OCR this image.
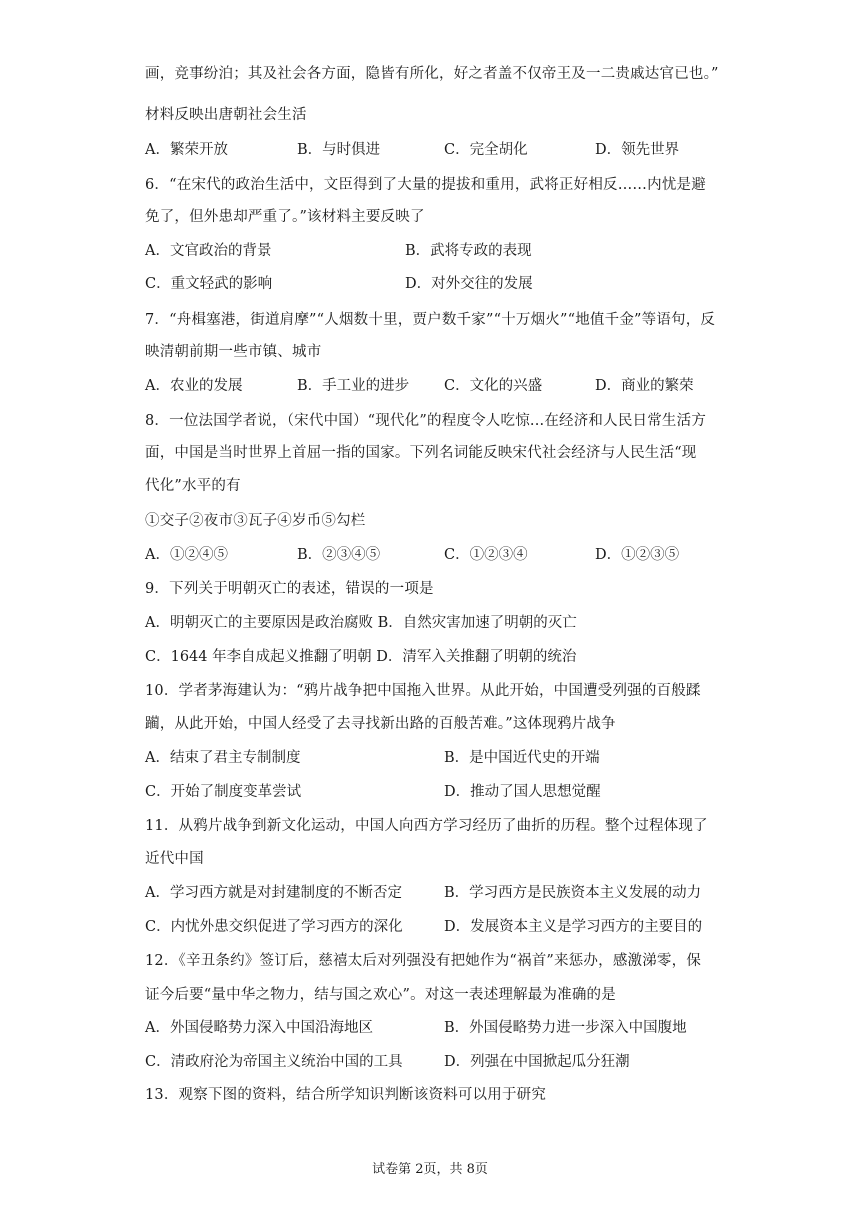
画，竞事纷泊；其及社会各方面，隐皆有所化，好之者盖不仅帝王及一二贵戚达官已也。”
材料反映出唐朝社会生活
A．繁荣开放	B．与时俱进	C．完全胡化	D．领先世界
6．“在宋代的政治生活中，文臣得到了大量的提拔和重用，武将正好相反……内忧是避
免了，但外患却严重了。”该材料主要反映了
A．文官政治的背景	B．武将专政的表现
C．重文轻武的影响	D．对外交往的发展
7．“舟楫塞港，街道肩摩”“人烟数十里，贾户数千家”“十万烟火”“地值千金”等语句，反
映清朝前期一些市镇、城市
A．农业的发展	B．手工业的进步 C．文化的兴盛	D．商业的繁荣
8．一位法国学者说，（宋代中国）“现代化”的程度令人吃惊...在经济和人民日常生活方
面，中国是当时世界上首屈一指的国家。下列名词能反映宋代社会经济与人民生活“现
代化”水平的有
①交子②夜市③瓦子④岁币⑤勾栏
A．①②④⑤	B．②③④⑤	C．①②③④	D．①②③⑤
9．下列关于明朝灭亡的表述，错误的一项是
A．明朝灭亡的主要原因是政治腐败 B．自然灾害加速了明朝的灭亡
C．1644 年李自成起义推翻了明朝 D．清军入关推翻了明朝的统治
10．学者茅海建认为：“鸦片战争把中国拖入世界。从此开始，中国遭受列强的百般蹂
躏，从此开始，中国人经受了去寻找新出路的百般苦难。”这体现鸦片战争
A．结束了君主专制制度	B．是中国近代史的开端
C．开始了制度变革尝试	D．推动了国人思想觉醒
11．从鸦片战争到新文化运动，中国人向西方学习经历了曲折的历程。整个过程体现了
近代中国
A．学习西方就是对封建制度的不断否定	B．学习西方是民族资本主义发展的动力
C．内忧外患交织促进了学习西方的深化	D．发展资本主义是学习西方的主要目的
12．《辛丑条约》签订后，慈禧太后对列强没有把她作为“祸首”来惩办，感激涕零，保
证今后要“量中华之物力，结与国之欢心”。对这一表述理解最为准确的是
A．外国侵略势力深入中国沿海地区	B．外国侵略势力进一步深入中国腹地
C．清政府沦为帝国主义统治中国的工具	D．列强在中国掀起瓜分狂潮
13．观察下图的资料，结合所学知识判断该资料可以用于研究
试卷第 2页，共 8页
